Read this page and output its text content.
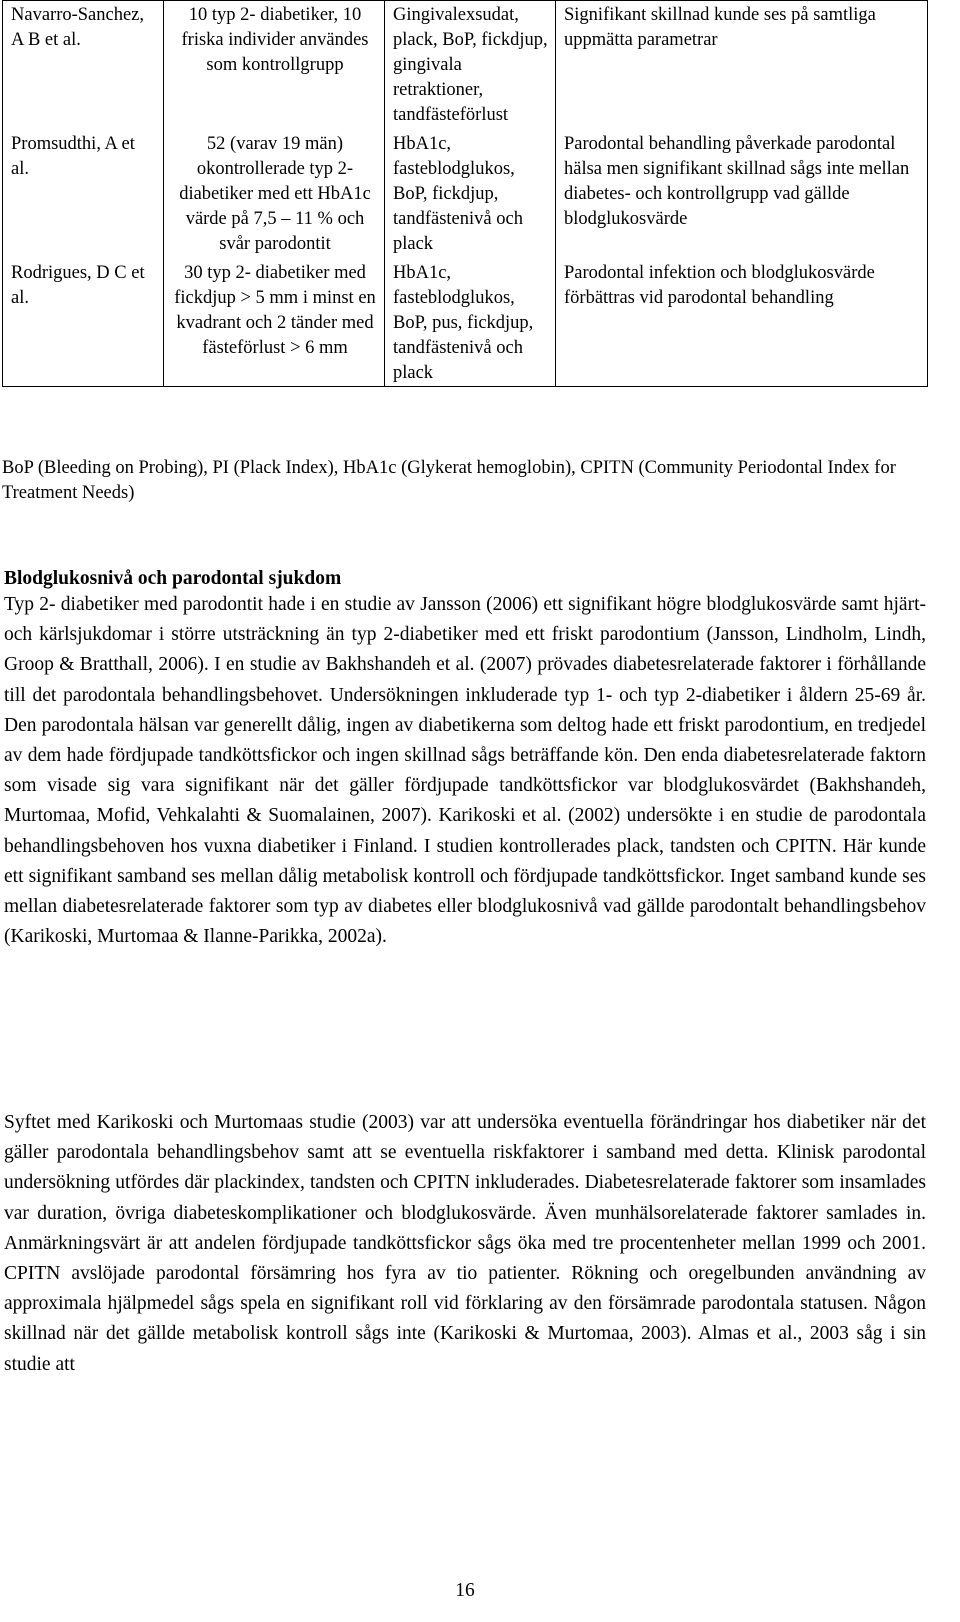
Navarro-Sanchez, A B et al.	10 typ 2- diabetiker, 10 friska individer användes som kontrollgrupp	Gingivalexsudat, plack, BoP, fickdjup, gingivala retraktioner, tandfästeförlust	Signifikant skillnad kunde ses på samtliga uppmätta parametrar
Promsudthi, A et al.	52 (varav 19 män) okontrollerade typ 2-diabetiker med ett HbA1c värde på 7,5 – 11 % och svår parodontit	HbA1c, fasteblodglukos, BoP, fickdjup, tandfästenivå och plack	Parodontal behandling påverkade parodontal hälsa men signifikant skillnad sågs inte mellan diabetes- och kontrollgrupp vad gällde blodglukosvärde
Rodrigues, D C et al.	30 typ 2- diabetiker med fickdjup > 5 mm i minst en kvadrant och 2 tänder med fästeförlust > 6 mm	HbA1c, fasteblodglukos, BoP, pus, fickdjup, tandfästenivå och plack	Parodontal infektion och blodglukosvärde förbättras vid parodontal behandling
BoP (Bleeding on Probing), PI (Plack Index), HbA1c (Glykerat hemoglobin), CPITN (Community Periodontal Index for Treatment Needs)
Blodglukosnivå och parodontal sjukdom

Typ 2- diabetiker med parodontit hade i en studie av Jansson (2006) ett signifikant högre blodglukosvärde samt hjärt- och kärlsjukdomar i större utsträckning än typ 2-diabetiker med ett friskt parodontium (Jansson, Lindholm, Lindh, Groop & Bratthall, 2006). I en studie av Bakhshandeh et al. (2007) prövades diabetesrelaterade faktorer i förhållande till det parodontala behandlingsbehovet. Undersökningen inkluderade typ 1- och typ 2-diabetiker i åldern 25-69 år. Den parodontala hälsan var generellt dålig, ingen av diabetikerna som deltog hade ett friskt parodontium, en tredjedel av dem hade fördjupade tandköttsfickor och ingen skillnad sågs beträffande kön. Den enda diabetesrelaterade faktorn som visade sig vara signifikant när det gäller fördjupade tandköttsfickor var blodglukosvärdet (Bakhshandeh, Murtomaa, Mofid, Vehkalahti & Suomalainen, 2007). Karikoski et al. (2002) undersökte i en studie de parodontala behandlingsbehoven hos vuxna diabetiker i Finland. I studien kontrollerades plack, tandsten och CPITN. Här kunde ett signifikant samband ses mellan dålig metabolisk kontroll och fördjupade tandköttsfickor. Inget samband kunde ses mellan diabetesrelaterade faktorer som typ av diabetes eller blodglukosnivå vad gällde parodontalt behandlingsbehov (Karikoski, Murtomaa & Ilanne-Parikka, 2002a).

Syftet med Karikoski och Murtomaas studie (2003) var att undersöka eventuella förändringar hos diabetiker när det gäller parodontala behandlingsbehov samt att se eventuella riskfaktorer i samband med detta. Klinisk parodontal undersökning utfördes där plackindex, tandsten och CPITN inkluderades. Diabetesrelaterade faktorer som insamlades var duration, övriga diabeteskomplikationer och blodglukosvärde. Även munhälsorelaterade faktorer samlades in. Anmärkningsvärt är att andelen fördjupade tandköttsfickor sågs öka med tre procentenheter mellan 1999 och 2001. CPITN avslöjade parodontal försämring hos fyra av tio patienter. Rökning och oregelbunden användning av approximala hjälpmedel sågs spela en signifikant roll vid förklaring av den försämrade parodontala statusen. Någon skillnad när det gällde metabolisk kontroll sågs inte (Karikoski & Murtomaa, 2003). Almas et al., 2003 såg i sin studie att

16
